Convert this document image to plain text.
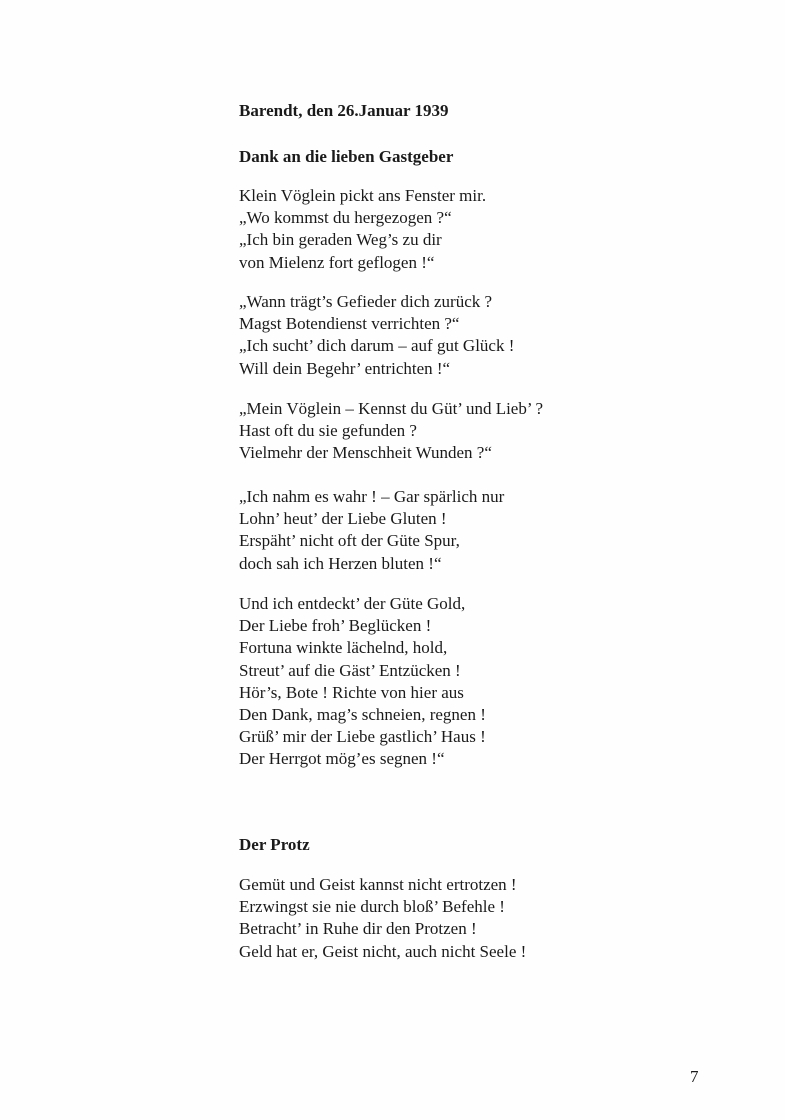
Barendt, den 26.Januar 1939
Dank an die lieben Gastgeber
Klein Vöglein pickt ans Fenster mir.
„Wo kommst du hergezogen ?“
„Ich bin geraden Weg’s zu dir
von Mielenz fort geflogen !“
„Wann trägt’s Gefieder dich zurück ?
Magst Botendienst verrichten ?“
„Ich sucht’ dich darum – auf gut Glück !
Will dein Begehr’ entrichten !“
„Mein Vöglein – Kennst du Güt’ und Lieb’ ?
Hast oft du sie gefunden ?
Vielmehr der Menschheit Wunden ?“
„Ich nahm es wahr ! – Gar spärlich nur
Lohn’ heut’ der Liebe Gluten !
Erspäht’ nicht oft der Güte Spur,
doch sah ich Herzen bluten !“
Und ich entdeckt’ der Güte Gold,
Der Liebe froh’ Beglücken !
Fortuna winkte lächelnd, hold,
Streut’ auf die Gäst’ Entzücken !
Hör’s, Bote ! Richte von hier aus
Den Dank, mag’s schneien, regnen !
Grüß’ mir der Liebe gastlich’ Haus !
Der Herrgot mög’es segnen !“
Der Protz
Gemüt und Geist kannst nicht ertrotzen !
Erzwingst sie nie durch bloß’ Befehle !
Betracht’ in Ruhe dir den Protzen !
Geld hat er, Geist nicht, auch nicht Seele !
7
